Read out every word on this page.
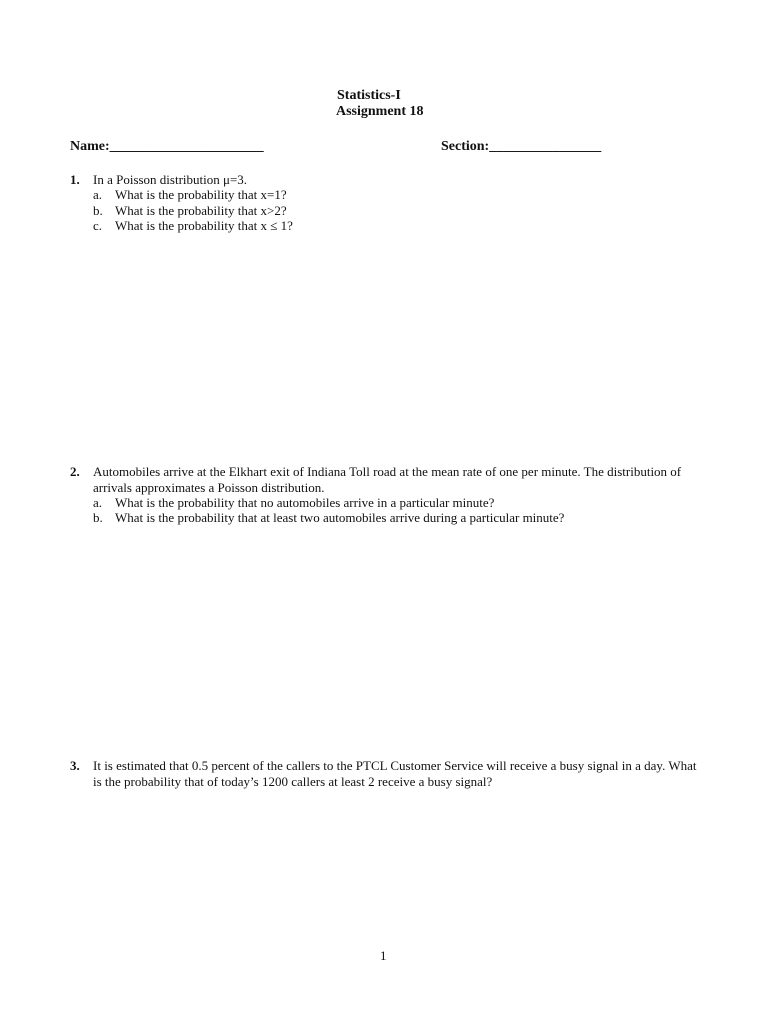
Statistics-I
Assignment 18
Name:______________________	Section:________________
1. In a Poisson distribution μ=3.
a. What is the probability that x=1?
b. What is the probability that x>2?
c. What is the probability that x ≤ 1?
2. Automobiles arrive at the Elkhart exit of Indiana Toll road at the mean rate of one per minute. The distribution of arrivals approximates a Poisson distribution.
a. What is the probability that no automobiles arrive in a particular minute?
b. What is the probability that at least two automobiles arrive during a particular minute?
3. It is estimated that 0.5 percent of the callers to the PTCL Customer Service will receive a busy signal in a day. What is the probability that of today’s 1200 callers at least 2 receive a busy signal?
1
